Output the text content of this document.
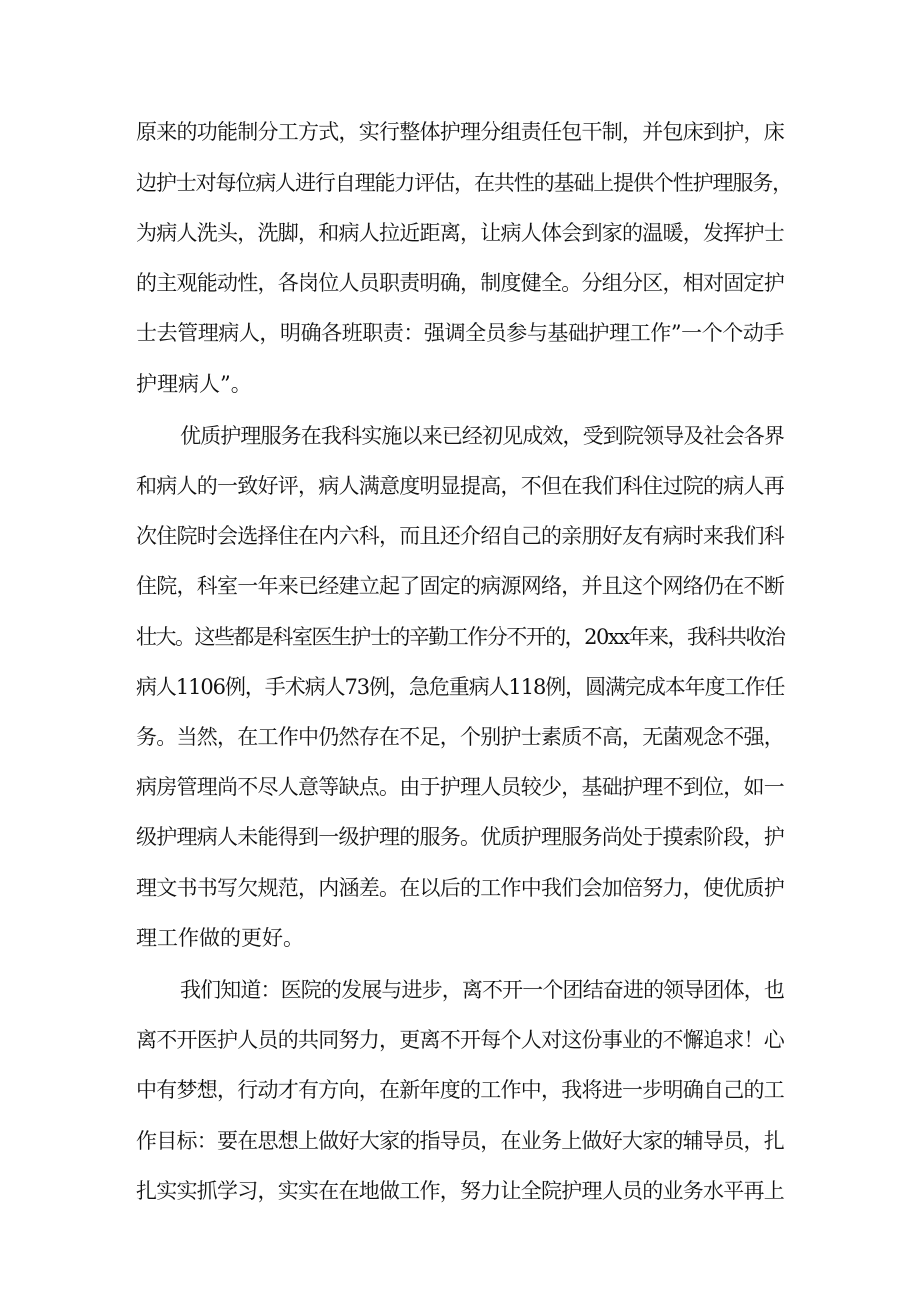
原来的功能制分工方式，实行整体护理分组责任包干制，并包床到护，床
边护士对每位病人进行自理能力评估，在共性的基础上提供个性护理服务，
为病人洗头，洗脚，和病人拉近距离，让病人体会到家的温暖，发挥护士
的主观能动性，各岗位人员职责明确，制度健全。分组分区，相对固定护
士去管理病人，明确各班职责：强调全员参与基础护理工作”一个个动手
护理病人”。
优质护理服务在我科实施以来已经初见成效，受到院领导及社会各界
和病人的一致好评，病人满意度明显提高，不但在我们科住过院的病人再
次住院时会选择住在内六科，而且还介绍自己的亲朋好友有病时来我们科
住院，科室一年来已经建立起了固定的病源网络，并且这个网络仍在不断
壮大。这些都是科室医生护士的辛勤工作分不开的，20xx年来，我科共收治
病人1106例，手术病人73例，急危重病人118例，圆满完成本年度工作任
务。当然，在工作中仍然存在不足，个别护士素质不高，无菌观念不强，
病房管理尚不尽人意等缺点。由于护理人员较少，基础护理不到位，如一
级护理病人未能得到一级护理的服务。优质护理服务尚处于摸索阶段，护
理文书书写欠规范，内涵差。在以后的工作中我们会加倍努力，使优质护
理工作做的更好。
我们知道：医院的发展与进步，离不开一个团结奋进的领导团体，也
离不开医护人员的共同努力，更离不开每个人对这份事业的不懈追求！心
中有梦想，行动才有方向，在新年度的工作中，我将进一步明确自己的工
作目标：要在思想上做好大家的指导员，在业务上做好大家的辅导员，扎
扎实实抓学习，实实在在地做工作，努力让全院护理人员的业务水平再上
